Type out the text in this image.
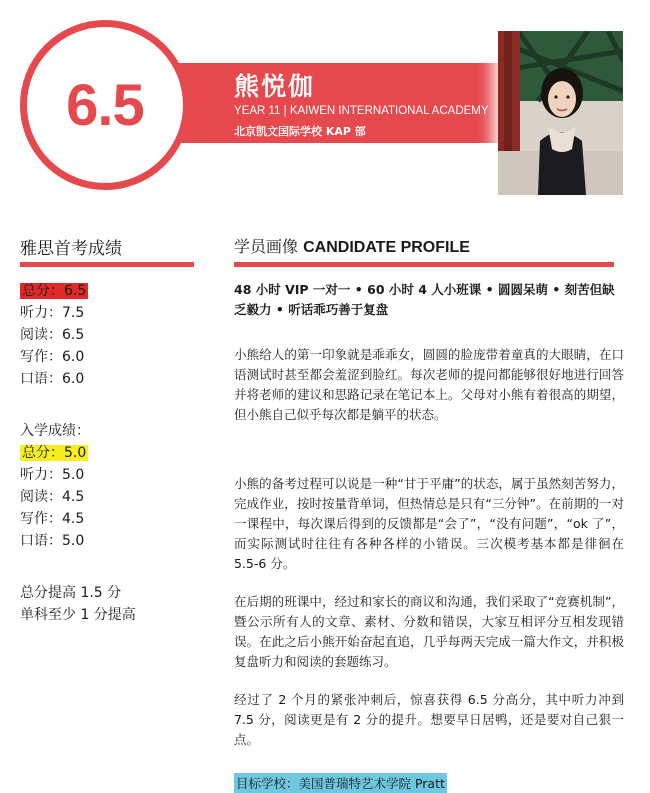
6.5	熊悦伽
YEAR 11 | KAIWEN INTERNATIONAL ACADEMY
北京凯文国际学校 KAP 部
雅思首考成绩
总分：6.5
听力：7.5
阅读：6.5
写作：6.0
口语：6.0
入学成绩：
总分：5.0
听力：5.0
阅读：4.5
写作：4.5
口语：5.0
总分提高 1.5 分
单科至少 1 分提高
学员画像 CANDIDATE PROFILE
48 小时 VIP 一对一 • 60 小时 4 人小班课 • 圆圆呆萌 • 刻苦但缺乏毅力 • 听话乖巧善于复盘
小熊给人的第一印象就是乖乖女，圆圆的脸庞带着童真的大眼睛，在口语测试时甚至都会羞涩到脸红。每次老师的提问都能够很好地进行回答并将老师的建议和思路记录在笔记本上。父母对小熊有着很高的期望，但小熊自己似乎每次都是躺平的状态。
小熊的备考过程可以说是一种“甘于平庸”的状态，属于虽然刻苦努力，完成作业，按时按量背单词，但热情总是只有“三分钟”。在前期的一对一课程中，每次课后得到的反馈都是“会了”，“没有问题”，“ok 了”，而实际测试时往往有各种各样的小错误。三次模考基本都是徘徊在 5.5-6 分。
在后期的班课中，经过和家长的商议和沟通，我们采取了“竞赛机制”，暨公示所有人的文章、素材、分数和错误，大家互相评分互相发现错误。在此之后小熊开始奋起直追，几乎每两天完成一篇大作文，并积极复盘听力和阅读的套题练习。
经过了 2 个月的紧张冲刺后，惊喜获得 6.5 分高分，其中听力冲到 7.5 分，阅读更是有 2 分的提升。想要早日居鸭，还是要对自己狠一点。
目标学校：美国普瑞特艺术学院 Pratt
